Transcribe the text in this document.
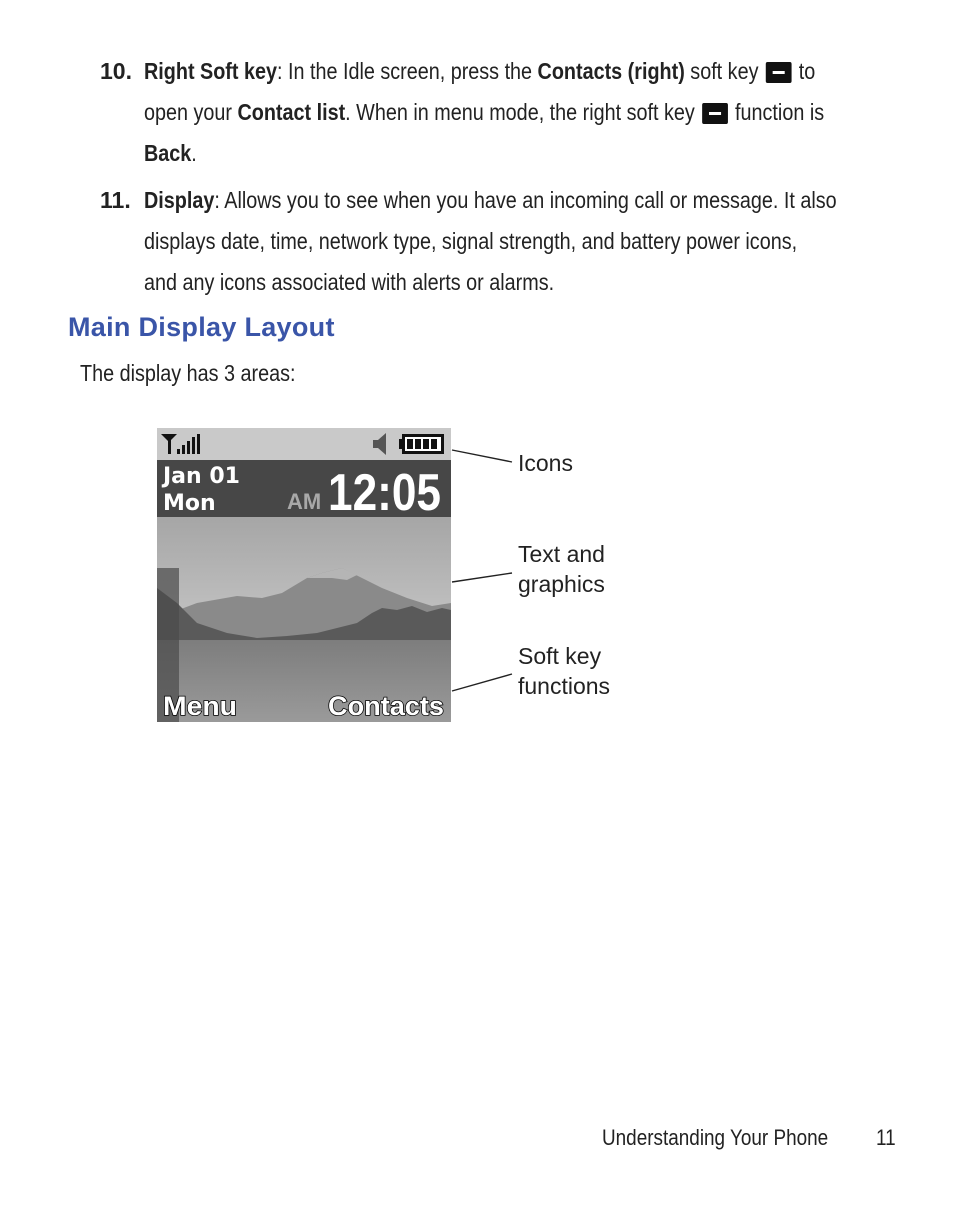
10. Right Soft key: In the Idle screen, press the Contacts (right) soft key  to
open your Contact list. When in menu mode, the right soft key  function is
Back.
11. Display: Allows you to see when you have an incoming call or message. It also
displays date, time, network type, signal strength, and battery power icons,
and any icons associated with alerts or alarms.
Main Display Layout
The display has 3 areas:
Jan 01
Mon	AM 12:05
Menu	Contacts
Icons
Text and
graphics
Soft key
functions
Understanding Your Phone 11
